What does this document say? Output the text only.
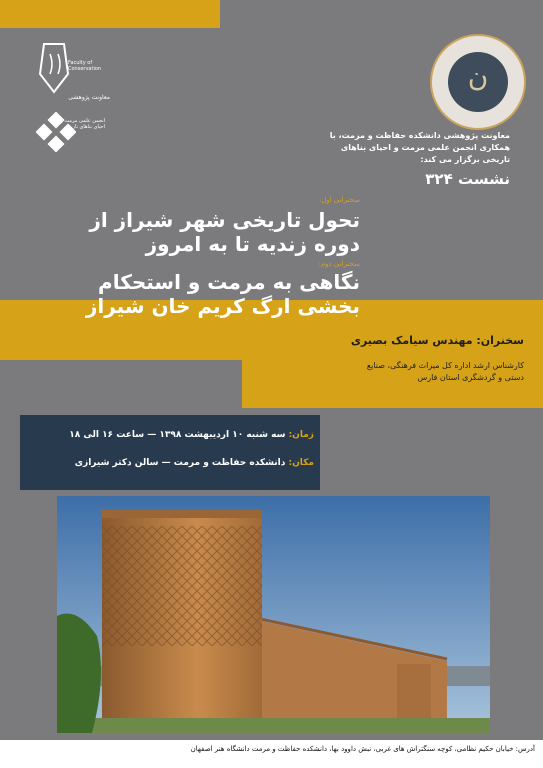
ن
Faculty of Conservation
معاونت پژوهشی
انجمن علمی مرمت و احیای بناهای تاریخی
معاونت پژوهشی دانشکده حفاظت و مرمت، با
همکاری انجمن علمی مرمت و احیای بناهای
تاریخی برگزار می کند:
نشست ۳۲۴
سخنرانی اول:
تحول تاریخی شهر شیراز از
دوره زندیه تا به امروز
سخنرانی دوم:
نگاهی به مرمت و استحکام
بخشی ارگ کریم خان شیراز
سخنران: مهندس سیامک بصیری
کارشناس ارشد اداره کل میراث فرهنگی، صنایع
دستی و گردشگری استان فارس
زمان: سه شنبه ۱۰ اردیبهشت ۱۳۹۸ — ساعت ۱۶ الی ۱۸
مکان: دانشکده حفاظت و مرمت — سالن دکتر شیرازی
آدرس: خیابان حکیم نظامی، کوچه سنگتراش های غربی، نبش داوود بها، دانشکده حفاظت و مرمت دانشگاه هنر اصفهان
